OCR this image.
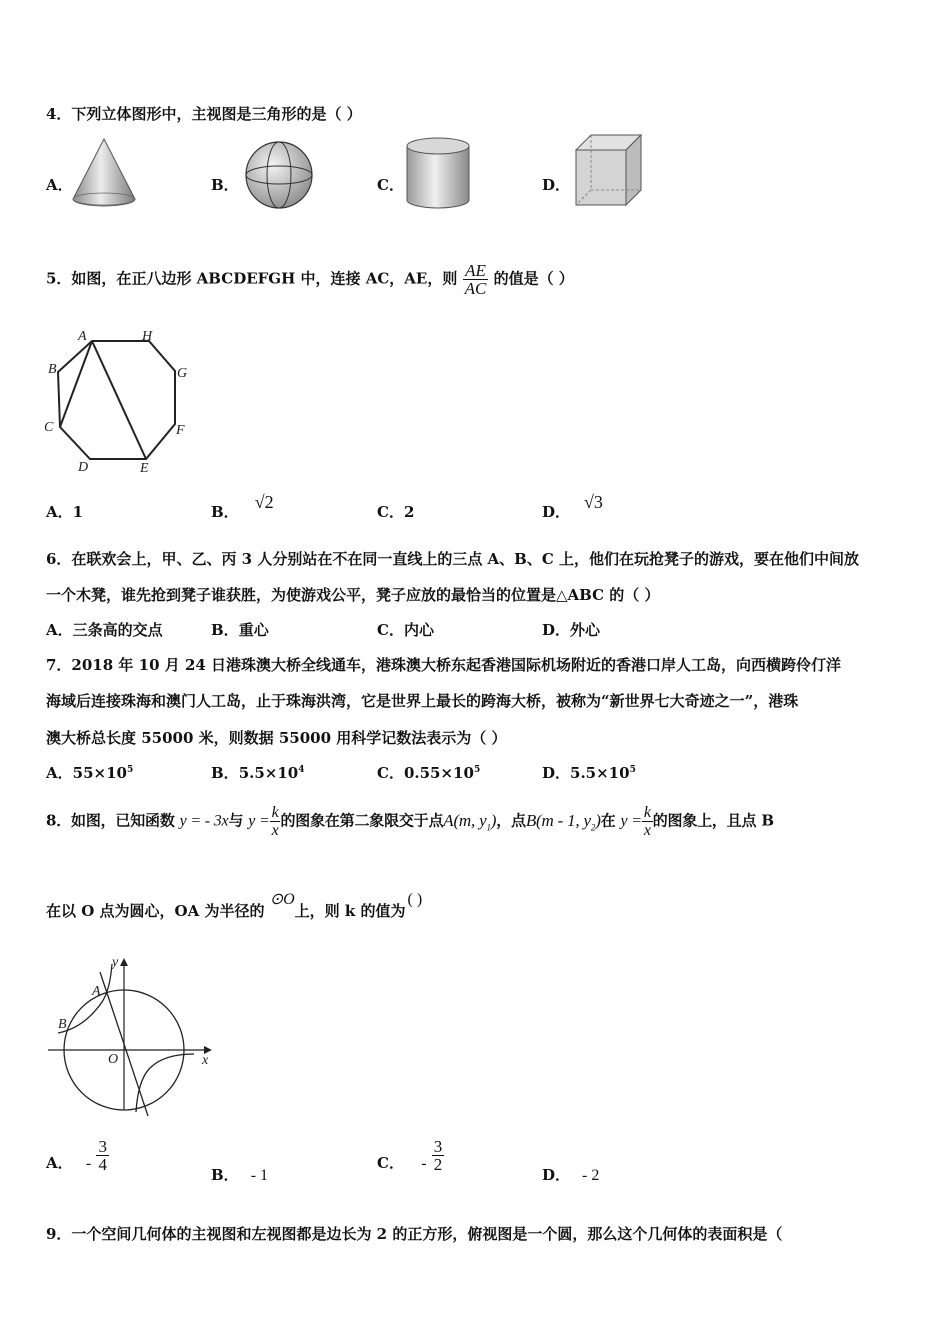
4．下列立体图形中，主视图是三角形的是（ ）
A．	B．	C．	D．
5．如图，在正八边形 ABCDEFGH 中，连接 AC，AE，则 $\frac{AE}{AC}$ 的值是（ ）
A	H
B	G
C	F
D	E
A．1	B． √2	C．2	D． √3
6．在联欢会上，甲、乙、丙 3 人分别站在不在同一直线上的三点 A、B、C 上，他们在玩抢凳子的游戏，要在他们中间放
一个木凳，谁先抢到凳子谁获胜，为使游戏公平，凳子应放的最恰当的位置是△ABC 的（ ）
A．三条高的交点	B．重心	C．内心	D．外心
7．2018 年 10 月 24 日港珠澳大桥全线通车，港珠澳大桥东起香港国际机场附近的香港口岸人工岛，向西横跨伶仃洋
海域后连接珠海和澳门人工岛，止于珠海洪湾，它是世界上最长的跨海大桥，被称为“新世界七大奇迹之一”，港珠
澳大桥总长度 55000 米，则数据 55000 用科学记数法表示为（ ）
A．$55\times 10^5$	B．$5.5\times 10^4$	C．$0.55\times 10^5$	D．$5.5\times 10^5$
8．如图，已知函数 y = - 3x与 $y = \frac{k}{x}$ 的图象在第二象限交于点A(m, $y_1$)，点B(m - 1, $y_2$)在 $y = \frac{k}{x}$ 的图象上，且点 B
在以 O 点为圆心，OA 为半径的 ⊙O上，则 k 的值为( )
y
A
B
O	x
A． - $\frac{3}{4}$
B． - 1
C． - $\frac{3}{2}$
D． - 2
9．一个空间几何体的主视图和左视图都是边长为 2 的正方形，俯视图是一个圆，那么这个几何体的表面积是（
